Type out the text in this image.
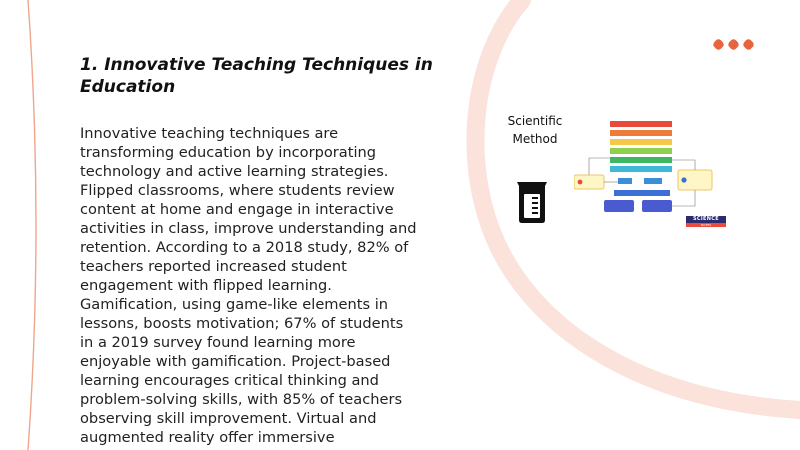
1. Innovative Teaching Techniques in Education

Innovative teaching techniques are transforming education by incorporating technology and active learning strategies. Flipped classrooms, where students review content at home and engage in interactive activities in class, improve understanding and retention. According to a 2018 study, 82% of teachers reported increased student engagement with flipped learning. Gamification, using game-like elements in lessons, boosts motivation; 67% of students in a 2019 survey found learning more enjoyable with gamification. Project-based learning encourages critical thinking and problem-solving skills, with 85% of teachers observing skill improvement. Virtual and augmented reality offer immersive

Scientific
Method
SCIENCE
NOTES
